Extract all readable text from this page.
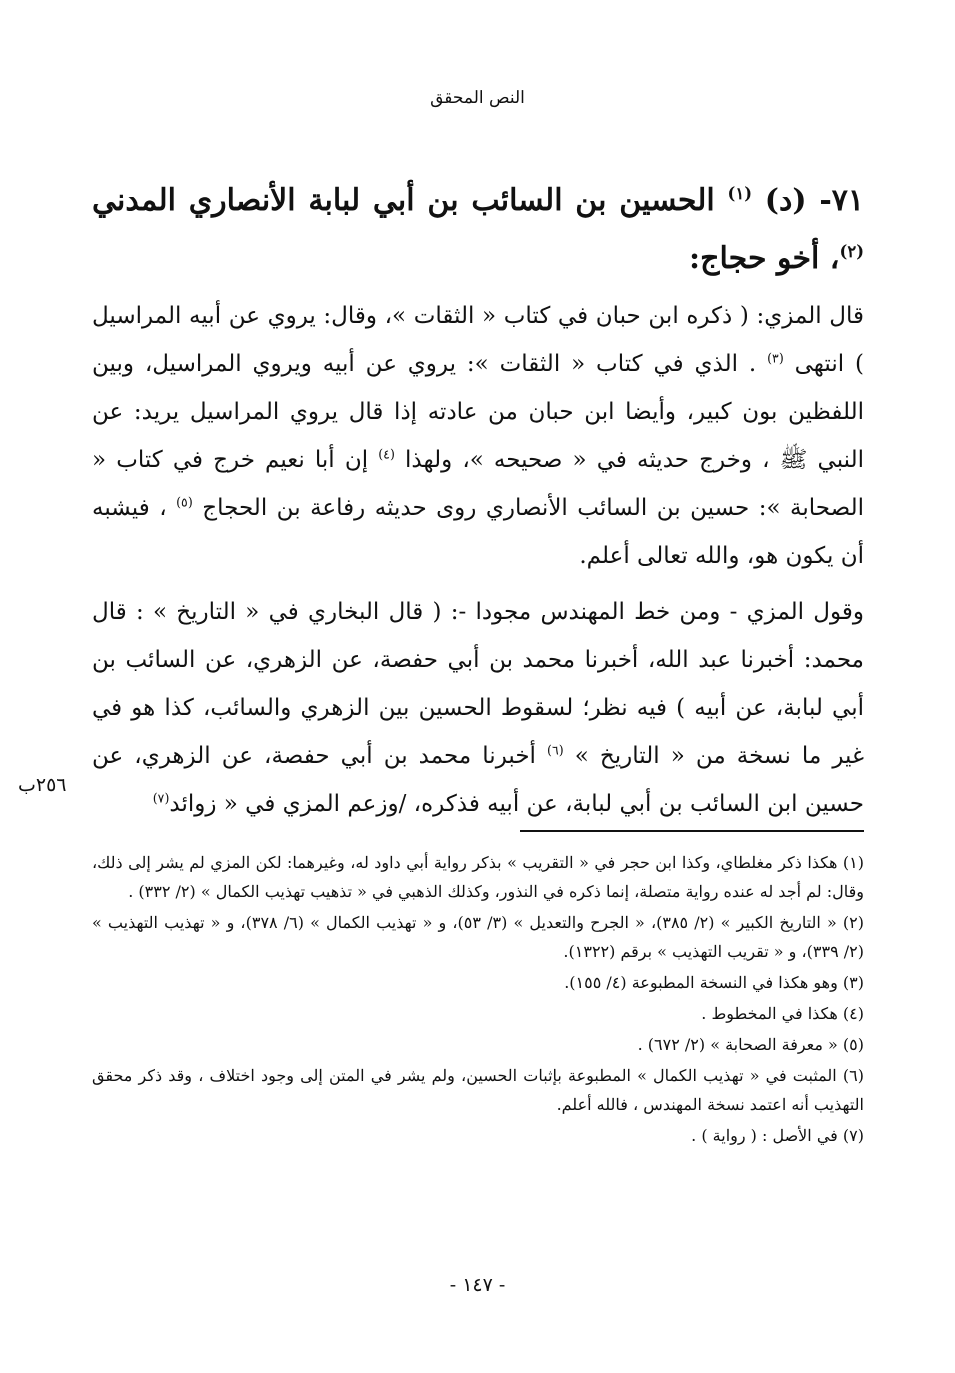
النص المحقق
٧١- (د) $^{(١)}$ الحسين بن السائب بن أبي لبابة الأنصاري المدني $^{(٢)}$، أخو حجاج:
قال المزي: ( ذكره ابن حبان في كتاب « الثقات »، وقال: يروي عن أبيه المراسيل ) انتهى $^{(٣)}$ . الذي في كتاب « الثقات »: يروي عن أبيه ويروي المراسيل، وبين اللفظين بون كبير، وأيضا ابن حبان من عادته إذا قال يروي المراسيل يريد: عن النبي ﷺ ، وخرج حديثه في « صحيحه »، ولهذا $^{(٤)}$ إن أبا نعيم خرج في كتاب « الصحابة »: حسين بن السائب الأنصاري روى حديثه رفاعة بن الحجاج $^{(٥)}$ ، فيشبه أن يكون هو، والله تعالى أعلم.
وقول المزي - ومن خط المهندس مجودا -: ( قال البخاري في « التاريخ » : قال محمد: أخبرنا عبد الله، أخبرنا محمد بن أبي حفصة، عن الزهري، عن السائب بن أبي لبابة، عن أبيه ) فيه نظر؛ لسقوط الحسين بين الزهري والسائب، كذا هو في غير ما نسخة من « التاريخ » $^{(٦)}$ أخبرنا محمد بن أبي حفصة، عن الزهري، عن حسين ابن السائب بن أبي لبابة، عن أبيه فذكره، /وزعم المزي في « زوائد$^{(٧)}$
٢٥٦ب

(١) هكذا ذكر مغلطاي، وكذا ابن حجر في « التقريب » بذكر رواية أبي داود له، وغيرهما: لكن المزي لم يشر إلى ذلك، وقال: لم أجد له عنده رواية متصلة، إنما ذكره في النذور، وكذلك الذهبي في « تذهيب تهذيب الكمال » (٢/ ٣٣٢) .

(٢) « التاريخ الكبير » (٢/ ٣٨٥)، « الجرح والتعديل » (٣/ ٥٣)، و « تهذيب الكمال » (٦/ ٣٧٨)، و « تهذيب التهذيب » (٢/ ٣٣٩)، و « تقريب التهذيب » برقم (١٣٢٢).

(٣) وهو هكذا في النسخة المطبوعة (٤/ ١٥٥).

(٤) هكذا في المخطوط .

(٥) « معرفة الصحابة » (٢/ ٦٧٢) .

(٦) المثبت في « تهذيب الكمال » المطبوعة بإثبات الحسين، ولم يشر في المتن إلى وجود اختلاف ، وقد ذكر محقق التهذيب أنه اعتمد نسخة المهندس ، فالله أعلم.

(٧) في الأصل : ( رواية ) .

- ١٤٧ -
